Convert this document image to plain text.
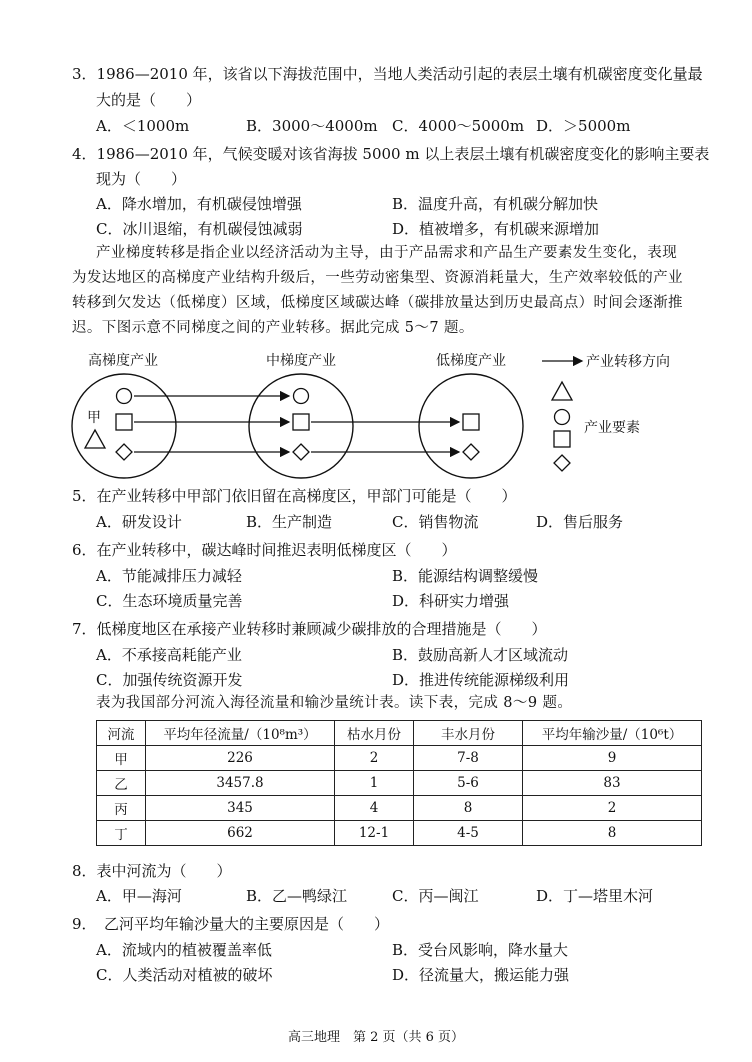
3．1986—2010 年，该省以下海拔范围中，当地人类活动引起的表层土壤有机碳密度变化量最
大的是（　　）
A．＜1000m	B．3000～4000m C．4000～5000m D．＞5000m
4．1986—2010 年，气候变暖对该省海拔 5000 m 以上表层土壤有机碳密度变化的影响主要表
现为（　　）
A．降水增加，有机碳侵蚀增强	B．温度升高，有机碳分解加快
C．冰川退缩，有机碳侵蚀减弱	D．植被增多，有机碳来源增加
产业梯度转移是指企业以经济活动为主导，由于产品需求和产品生产要素发生变化，表现
为发达地区的高梯度产业结构升级后，一些劳动密集型、资源消耗量大，生产效率较低的产业
转移到欠发达（低梯度）区域，低梯度区域碳达峰（碳排放量达到历史最高点）时间会逐渐推
迟。下图示意不同梯度之间的产业转移。据此完成 5～7 题。
高梯度产业	中梯度产业	低梯度产业
甲
产业转移方向
产业要素
5．在产业转移中甲部门依旧留在高梯度区，甲部门可能是（　　）
A．研发设计	B．生产制造	C．销售物流	D．售后服务
6．在产业转移中，碳达峰时间推迟表明低梯度区（　　）
A．节能减排压力减轻	B．能源结构调整缓慢
C．生态环境质量完善	D．科研实力增强
7．低梯度地区在承接产业转移时兼顾减少碳排放的合理措施是（　　）
A．不承接高耗能产业	B．鼓励高新人才区域流动
C．加强传统资源开发	D．推进传统能源梯级利用
表为我国部分河流入海径流量和输沙量统计表。读下表，完成 8～9 题。
河流	平均年径流量/（10⁸m³）	枯水月份	丰水月份	平均年输沙量/（10⁶t）
甲	226	2	7-8	9
乙	3457.8	1	5-6	83
丙	345	4	8	2
丁	662	12-1	4-5	8
8．表中河流为（　　）
A．甲—海河	B．乙—鸭绿江	C．丙—闽江	D．丁—塔里木河
9．　乙河平均年输沙量大的主要原因是（　　）
A．流域内的植被覆盖率低	B．受台风影响，降水量大
C．人类活动对植被的破坏	D．径流量大，搬运能力强
高三地理　第 2 页（共 6 页）
